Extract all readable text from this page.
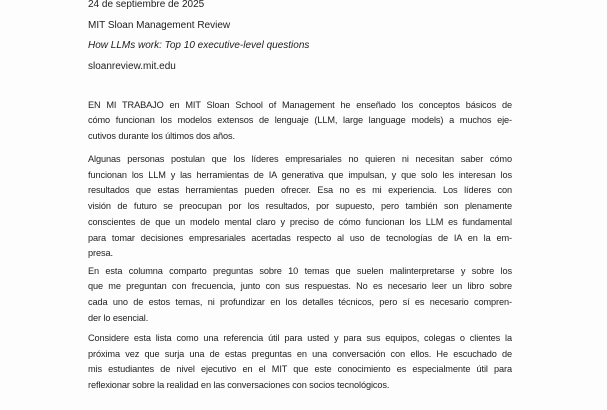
24 de septiembre de 2025
MIT Sloan Management Review
How LLMs work: Top 10 executive-level questions
sloanreview.mit.edu
EN MI TRABAJO en MIT Sloan School of Management he enseñado los conceptos básicos de
cómo funcionan los modelos extensos de lenguaje (LLM, large language models) a muchos eje-
cutivos durante los últimos dos años.
Algunas personas postulan que los líderes empresariales no quieren ni necesitan saber cómo
funcionan los LLM y las herramientas de IA generativa que impulsan, y que solo les interesan los
resultados que estas herramientas pueden ofrecer. Esa no es mi experiencia. Los líderes con
visión de futuro se preocupan por los resultados, por supuesto, pero también son plenamente
conscientes de que un modelo mental claro y preciso de cómo funcionan los LLM es fundamental
para tomar decisiones empresariales acertadas respecto al uso de tecnologías de IA en la em-
presa.
En esta columna comparto preguntas sobre 10 temas que suelen malinterpretarse y sobre los
que me preguntan con frecuencia, junto con sus respuestas. No es necesario leer un libro sobre
cada uno de estos temas, ni profundizar en los detalles técnicos, pero sí es necesario compren-
der lo esencial.
Considere esta lista como una referencia útil para usted y para sus equipos, colegas o clientes la
próxima vez que surja una de estas preguntas en una conversación con ellos. He escuchado de
mis estudiantes de nivel ejecutivo en el MIT que este conocimiento es especialmente útil para
reflexionar sobre la realidad en las conversaciones con socios tecnológicos.
